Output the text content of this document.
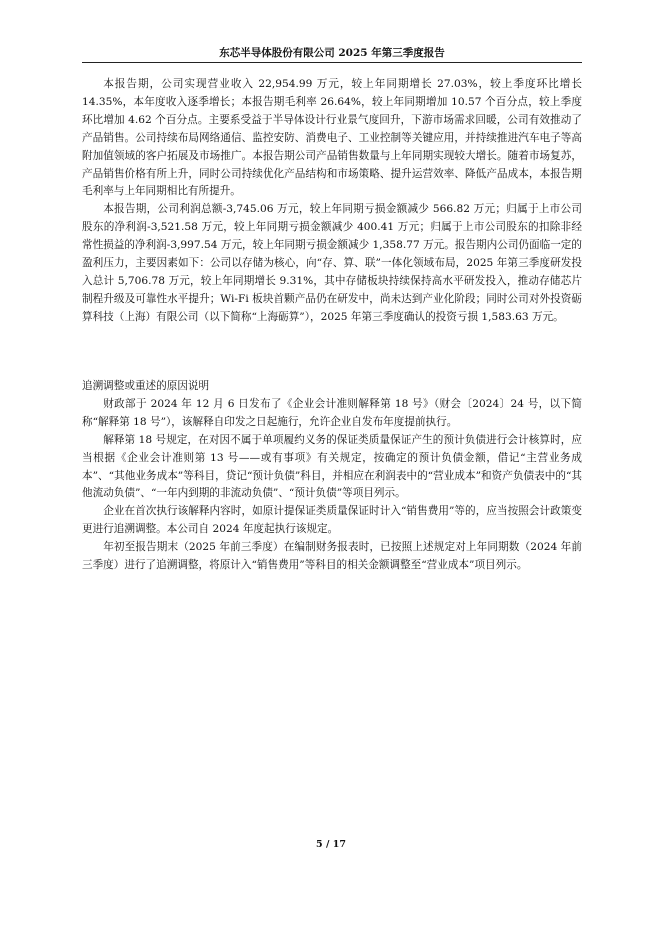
东芯半导体股份有限公司 2025 年第三季度报告

本报告期，公司实现营业收入 22,954.99 万元，较上年同期增长 27.03%，较上季度环比增长 14.35%，本年度收入逐季增长；本报告期毛利率 26.64%，较上年同期增加 10.57 个百分点，较上季度环比增加 4.62 个百分点。主要系受益于半导体设计行业景气度回升，下游市场需求回暖，公司有效推动了产品销售。公司持续布局网络通信、监控安防、消费电子、工业控制等关键应用，并持续推进汽车电子等高附加值领域的客户拓展及市场推广。本报告期公司产品销售数量与上年同期实现较大增长。随着市场复苏，产品销售价格有所上升，同时公司持续优化产品结构和市场策略、提升运营效率、降低产品成本，本报告期毛利率与上年同期相比有所提升。

本报告期，公司利润总额-3,745.06 万元，较上年同期亏损金额减少 566.82 万元；归属于上市公司股东的净利润-3,521.58 万元，较上年同期亏损金额减少 400.41 万元；归属于上市公司股东的扣除非经常性损益的净利润-3,997.54 万元，较上年同期亏损金额减少 1,358.77 万元。报告期内公司仍面临一定的盈利压力，主要因素如下：公司以存储为核心，向“存、算、联”一体化领域布局，2025 年第三季度研发投入总计 5,706.78 万元，较上年同期增长 9.31%，其中存储板块持续保持高水平研发投入，推动存储芯片制程升级及可靠性水平提升；Wi-Fi 板块首颗产品仍在研发中，尚未达到产业化阶段；同时公司对外投资砺算科技（上海）有限公司（以下简称“上海砺算”），2025 年第三季度确认的投资亏损 1,583.63 万元。

追溯调整或重述的原因说明

财政部于 2024 年 12 月 6 日发布了《企业会计准则解释第 18 号》（财会〔2024〕24 号，以下简称“解释第 18 号”），该解释自印发之日起施行，允许企业自发布年度提前执行。

解释第 18 号规定，在对因不属于单项履约义务的保证类质量保证产生的预计负债进行会计核算时，应当根据《企业会计准则第 13 号——或有事项》有关规定，按确定的预计负债金额，借记“主营业务成本”、“其他业务成本”等科目，贷记“预计负债”科目，并相应在利润表中的“营业成本”和资产负债表中的“其他流动负债”、“一年内到期的非流动负债”、“预计负债”等项目列示。

企业在首次执行该解释内容时，如原计提保证类质量保证时计入“销售费用”等的，应当按照会计政策变更进行追溯调整。本公司自 2024 年度起执行该规定。

年初至报告期末（2025 年前三季度）在编制财务报表时，已按照上述规定对上年同期数（2024 年前三季度）进行了追溯调整，将原计入“销售费用”等科目的相关金额调整至“营业成本”项目列示。

5 / 17
